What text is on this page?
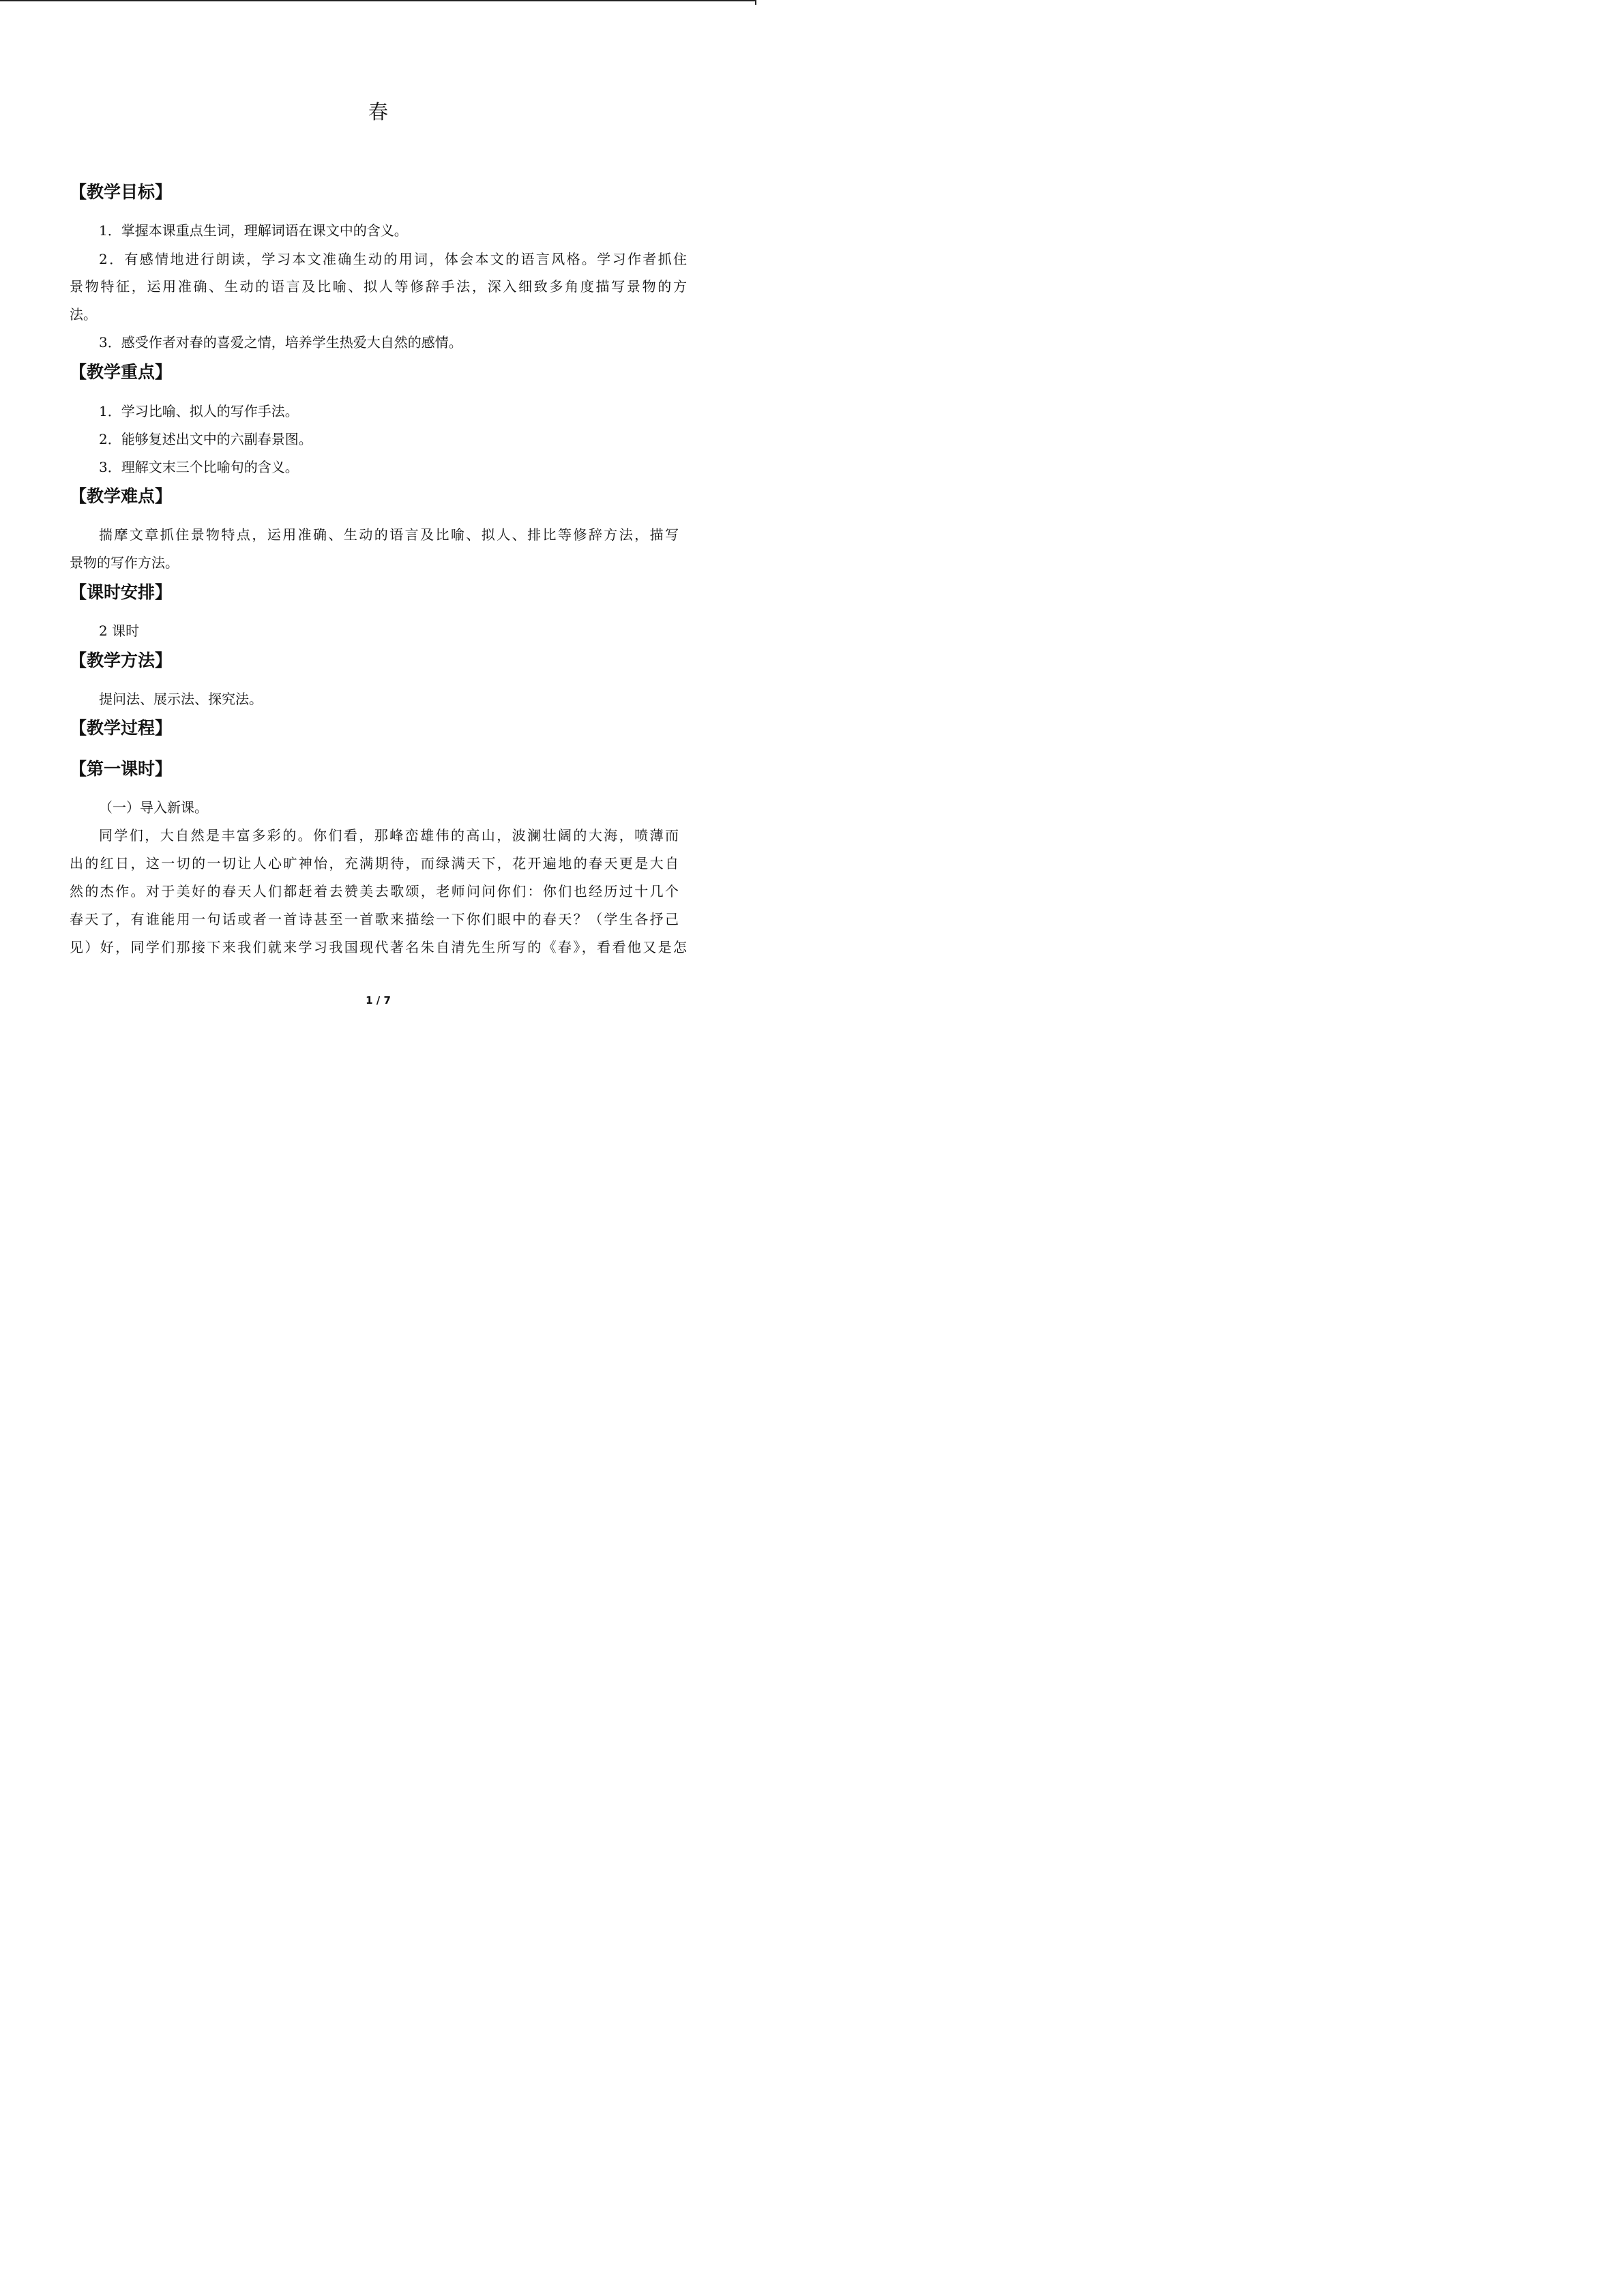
春
【教学目标】
1．掌握本课重点生词，理解词语在课文中的含义。
2．有感情地进行朗读，学习本文准确生动的用词，体会本文的语言风格。学习作者抓住
景物特征，运用准确、生动的语言及比喻、拟人等修辞手法，深入细致多角度描写景物的方
法。
3．感受作者对春的喜爱之情，培养学生热爱大自然的感情。
【教学重点】
1．学习比喻、拟人的写作手法。
2．能够复述出文中的六副春景图。
3．理解文末三个比喻句的含义。
【教学难点】
揣摩文章抓住景物特点，运用准确、生动的语言及比喻、拟人、排比等修辞方法，描写
景物的写作方法。
【课时安排】
2 课时
【教学方法】
提问法、展示法、探究法。
【教学过程】
【第一课时】
（一）导入新课。
同学们，大自然是丰富多彩的。你们看，那峰峦雄伟的高山，波澜壮阔的大海，喷薄而
出的红日，这一切的一切让人心旷神怡，充满期待，而绿满天下，花开遍地的春天更是大自
然的杰作。对于美好的春天人们都赶着去赞美去歌颂，老师问问你们：你们也经历过十几个
春天了，有谁能用一句话或者一首诗甚至一首歌来描绘一下你们眼中的春天？（学生各抒己
见）好，同学们那接下来我们就来学习我国现代著名朱自清先生所写的《春》，看看他又是怎
1 / 7
